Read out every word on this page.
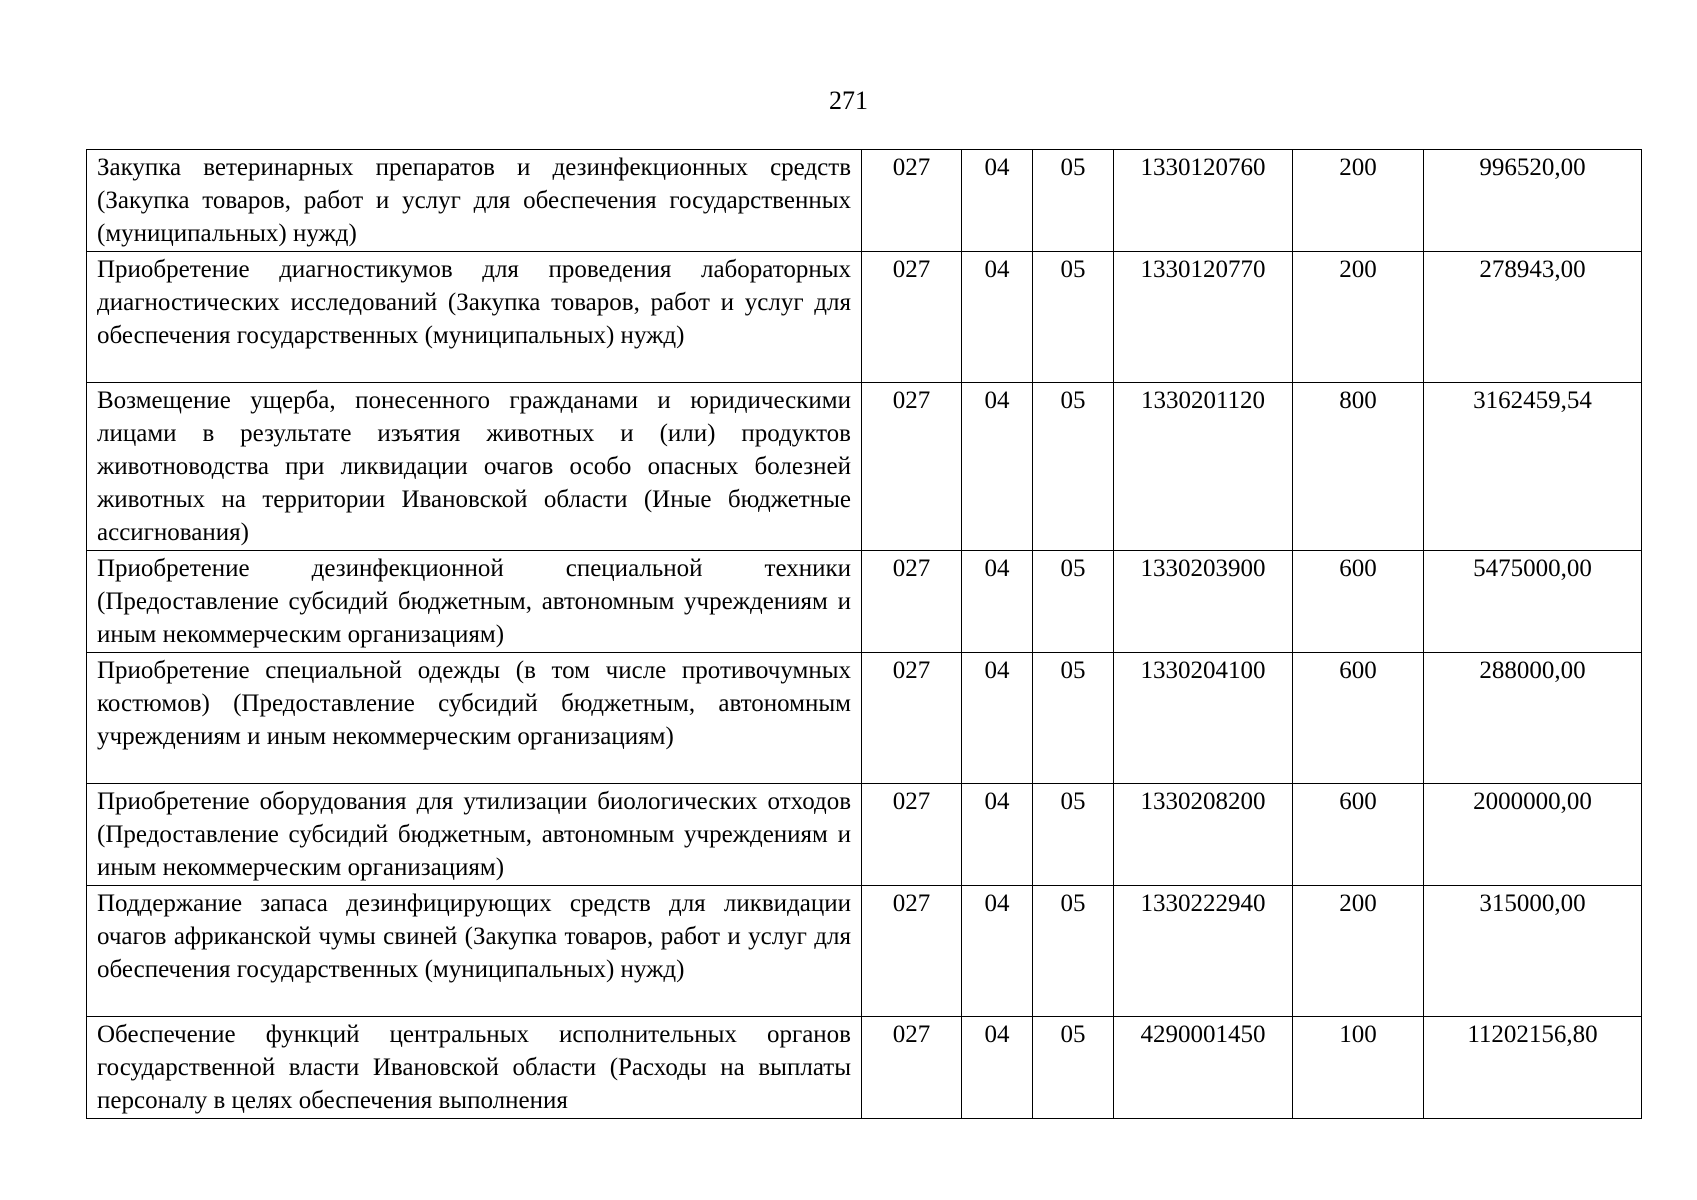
271
Закупка ветеринарных препаратов и дезинфекционных средств (Закупка товаров, работ и услуг для обеспечения государственных (муниципальных) нужд)	027	04	05	1330120760	200	996520,00
Приобретение диагностикумов для проведения лабораторных диагностических исследований (Закупка товаров, работ и услуг для обеспечения государственных (муниципальных) нужд)	027	04	05	1330120770	200	278943,00
Возмещение ущерба, понесенного гражданами и юридическими лицами в результате изъятия животных и (или) продуктов животноводства при ликвидации очагов особо опасных болезней животных на территории Ивановской области (Иные бюджетные ассигнования)	027	04	05	1330201120	800	3162459,54
Приобретение дезинфекционной специальной техники (Предоставление субсидий бюджетным, автономным учреждениям и иным некоммерческим организациям)	027	04	05	1330203900	600	5475000,00
Приобретение специальной одежды (в том числе противочумных костюмов) (Предоставление субсидий бюджетным, автономным учреждениям и иным некоммерческим организациям)	027	04	05	1330204100	600	288000,00
Приобретение оборудования для утилизации биологических отходов (Предоставление субсидий бюджетным, автономным учреждениям и иным некоммерческим организациям)	027	04	05	1330208200	600	2000000,00
Поддержание запаса дезинфицирующих средств для ликвидации очагов африканской чумы свиней (Закупка товаров, работ и услуг для обеспечения государственных (муниципальных) нужд)	027	04	05	1330222940	200	315000,00
Обеспечение функций центральных исполнительных органов государственной власти Ивановской области (Расходы на выплаты персоналу в целях обеспечения выполнения	027	04	05	4290001450	100	11202156,80
